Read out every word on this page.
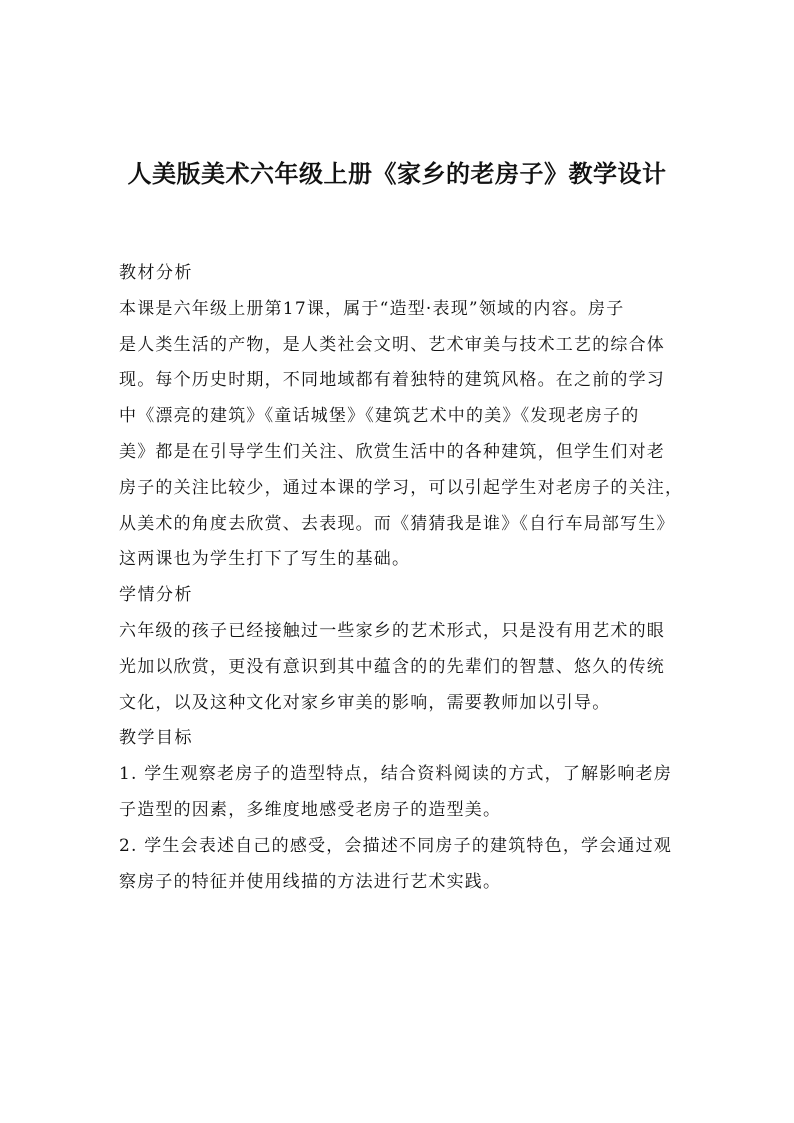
人美版美术六年级上册《家乡的老房子》教学设计
教材分析
本课是六年级上册第17课，属于“造型·表现”领域的内容。房子
是人类生活的产物，是人类社会文明、艺术审美与技术工艺的综合体
现。每个历史时期，不同地域都有着独特的建筑风格。在之前的学习
中《漂亮的建筑》《童话城堡》《建筑艺术中的美》《发现老房子的
美》都是在引导学生们关注、欣赏生活中的各种建筑，但学生们对老
房子的关注比较少，通过本课的学习，可以引起学生对老房子的关注，
从美术的角度去欣赏、去表现。而《猜猜我是谁》《自行车局部写生》
这两课也为学生打下了写生的基础。
学情分析
六年级的孩子已经接触过一些家乡的艺术形式，只是没有用艺术的眼
光加以欣赏，更没有意识到其中蕴含的的先辈们的智慧、悠久的传统
文化，以及这种文化对家乡审美的影响，需要教师加以引导。
教学目标
1. 学生观察老房子的造型特点，结合资料阅读的方式，了解影响老房
子造型的因素，多维度地感受老房子的造型美。
2. 学生会表述自己的感受，会描述不同房子的建筑特色，学会通过观
察房子的特征并使用线描的方法进行艺术实践。
